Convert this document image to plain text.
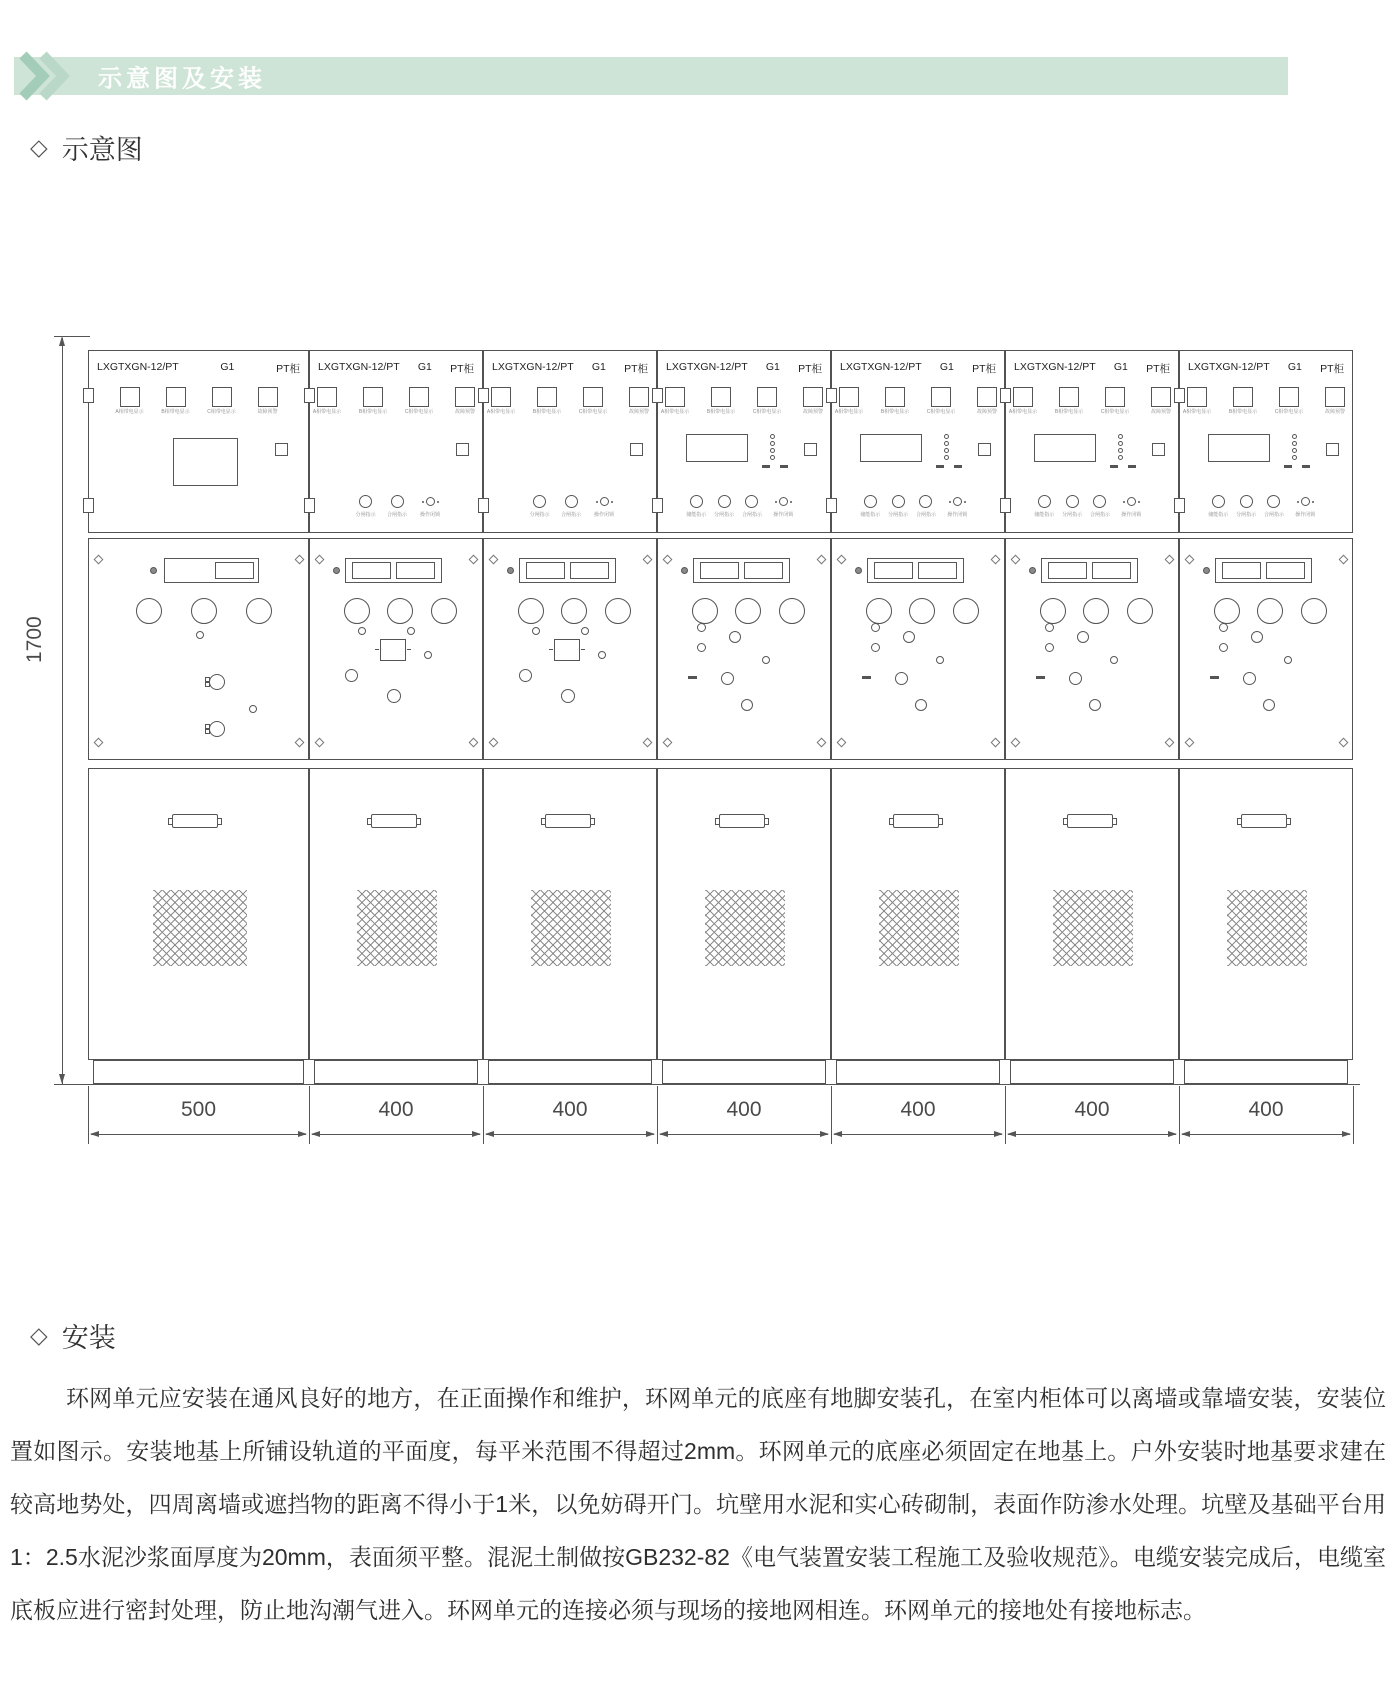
示意图及安装
◇ 示意图
◇ 安装
LXGTXGN-12/PT	G1	PT柜
A相带电显示	B相带电显示	C相带电显示	故障预警
LXGTXGN-12/PT G1 PT柜
A相带电显示	B相带电显示	C相带电显示	故障预警
分闸指示 合闸指示	操作闭锁
LXGTXGN-12/PT G1 PT柜
A相带电显示	B相带电显示	C相带电显示	故障预警
分闸指示 合闸指示	操作闭锁
LXGTXGN-12/PT G1 PT柜
A相带电显示	B相带电显示	C相带电显示	故障预警
储能指示 分闸指示 合闸指示 操作闭锁
LXGTXGN-12/PT G1 PT柜
A相带电显示	B相带电显示	C相带电显示	故障预警
储能指示 分闸指示 合闸指示 操作闭锁
LXGTXGN-12/PT G1 PT柜
A相带电显示	B相带电显示	C相带电显示	故障预警
储能指示 分闸指示 合闸指示 操作闭锁
LXGTXGN-12/PT G1 PT柜
A相带电显示	B相带电显示	C相带电显示	故障预警
储能指示 分闸指示 合闸指示 操作闭锁
500	400	400	400	400	400	400
1700

环网单元应安装在通风良好的地方，在正面操作和维护，环网单元的底座有地脚安装孔，在室内柜体可以离墙或靠墙安装，安装位置如图示。安装地基上所铺设轨道的平面度，每平米范围不得超过2mm。环网单元的底座必须固定在地基上。户外安装时地基要求建在较高地势处，四周离墙或遮挡物的距离不得小于1米，以免妨碍开门。坑壁用水泥和实心砖砌制，表面作防渗水处理。坑壁及基础平台用1：2.5水泥沙浆面厚度为20mm，表面须平整。混泥土制做按GB232-82《电气装置安装工程施工及验收规范》。电缆安装完成后，电缆室底板应进行密封处理，防止地沟潮气进入。环网单元的连接必须与现场的接地网相连。环网单元的接地处有接地标志。
